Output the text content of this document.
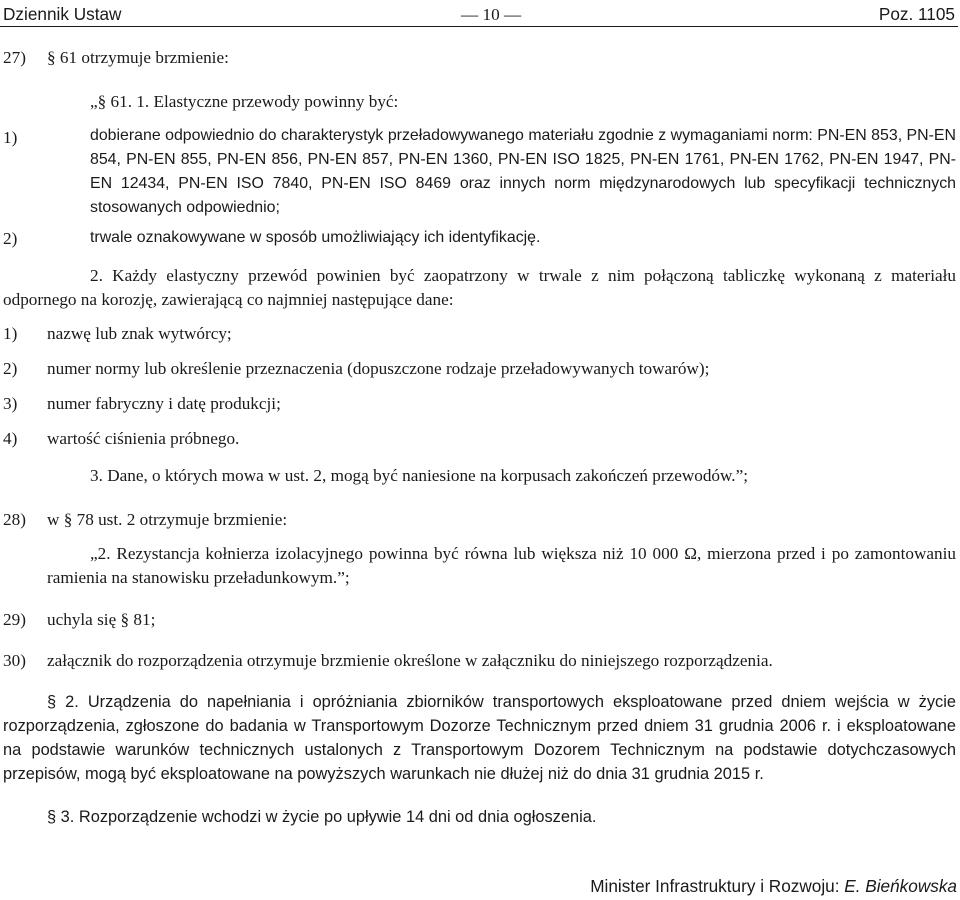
Dziennik Ustaw	— 10 —	Poz. 1105
27) § 61 otrzymuje brzmienie:
„§ 61. 1. Elastyczne przewody powinny być:
1)	dobierane odpowiednio do charakterystyk przeładowywanego materiału zgodnie z wymaganiami norm: PN-EN 853, PN-EN 854, PN-EN 855, PN-EN 856, PN-EN 857, PN-EN 1360, PN-EN ISO 1825, PN-EN 1761, PN-EN 1762, PN-EN 1947, PN-EN 12434, PN-EN ISO 7840, PN-EN ISO 8469 oraz innych norm międzynarodowych lub specyfikacji technicznych stosowanych odpowiednio;
2)	trwale oznakowywane w sposób umożliwiający ich identyfikację.
2. Każdy elastyczny przewód powinien być zaopatrzony w trwale z nim połączoną tabliczkę wykonaną z materiału odpornego na korozję, zawierającą co najmniej następujące dane:
1) nazwę lub znak wytwórcy;
2) numer normy lub określenie przeznaczenia (dopuszczone rodzaje przeładowywanych towarów);
3) numer fabryczny i datę produkcji;
4) wartość ciśnienia próbnego.
3. Dane, o których mowa w ust. 2, mogą być naniesione na korpusach zakończeń przewodów.”;
28) w § 78 ust. 2 otrzymuje brzmienie:
„2. Rezystancja kołnierza izolacyjnego powinna być równa lub większa niż 10 000 Ω, mierzona przed i po zamontowaniu ramienia na stanowisku przeładunkowym.”;
29) uchyla się § 81;
30) załącznik do rozporządzenia otrzymuje brzmienie określone w załączniku do niniejszego rozporządzenia.
§ 2. Urządzenia do napełniania i opróżniania zbiorników transportowych eksploatowane przed dniem wejścia w życie rozporządzenia, zgłoszone do badania w Transportowym Dozorze Technicznym przed dniem 31 grudnia 2006 r. i eksploatowane na podstawie warunków technicznych ustalonych z Transportowym Dozorem Technicznym na podstawie dotychczasowych przepisów, mogą być eksploatowane na powyższych warunkach nie dłużej niż do dnia 31 grudnia 2015 r.
§ 3. Rozporządzenie wchodzi w życie po upływie 14 dni od dnia ogłoszenia.
Minister Infrastruktury i Rozwoju: E. Bieńkowska
